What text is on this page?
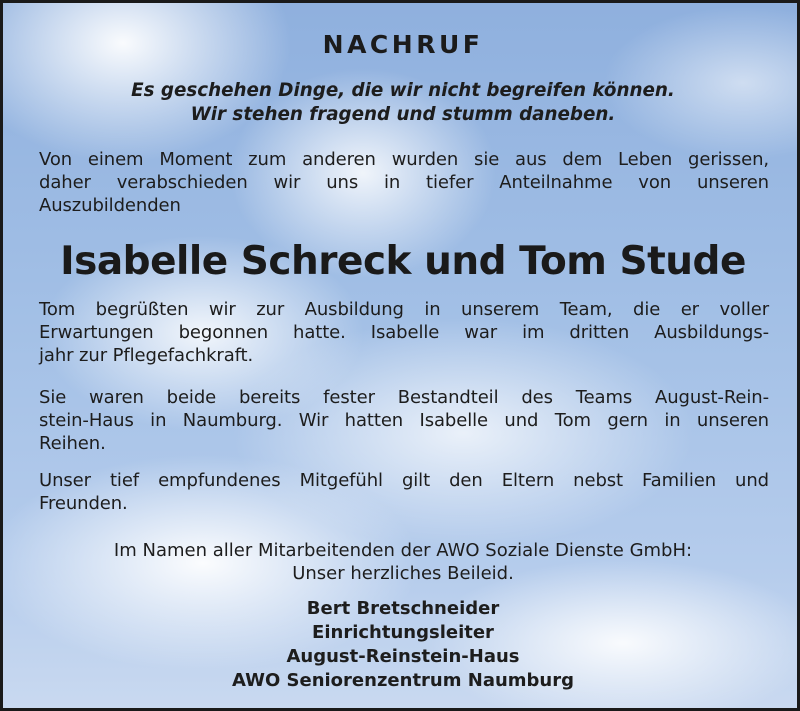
NACHRUF
Es geschehen Dinge, die wir nicht begreifen können.
Wir stehen fragend und stumm daneben.
Von einem Moment zum anderen wurden sie aus dem Leben gerissen,
daher verabschieden wir uns in tiefer Anteilnahme von unseren
Auszubildenden
Isabelle Schreck und Tom Stude
Tom begrüßten wir zur Ausbildung in unserem Team, die er voller
Erwartungen begonnen hatte. Isabelle war im dritten Ausbildungs-
jahr zur Pflegefachkraft.
Sie waren beide bereits fester Bestandteil des Teams August-Rein-
stein-Haus in Naumburg. Wir hatten Isabelle und Tom gern in unseren
Reihen.
Unser tief empfundenes Mitgefühl gilt den Eltern nebst Familien und
Freunden.
Im Namen aller Mitarbeitenden der AWO Soziale Dienste GmbH:
Unser herzliches Beileid.
Bert Bretschneider
Einrichtungsleiter
August-Reinstein-Haus
AWO Seniorenzentrum Naumburg
